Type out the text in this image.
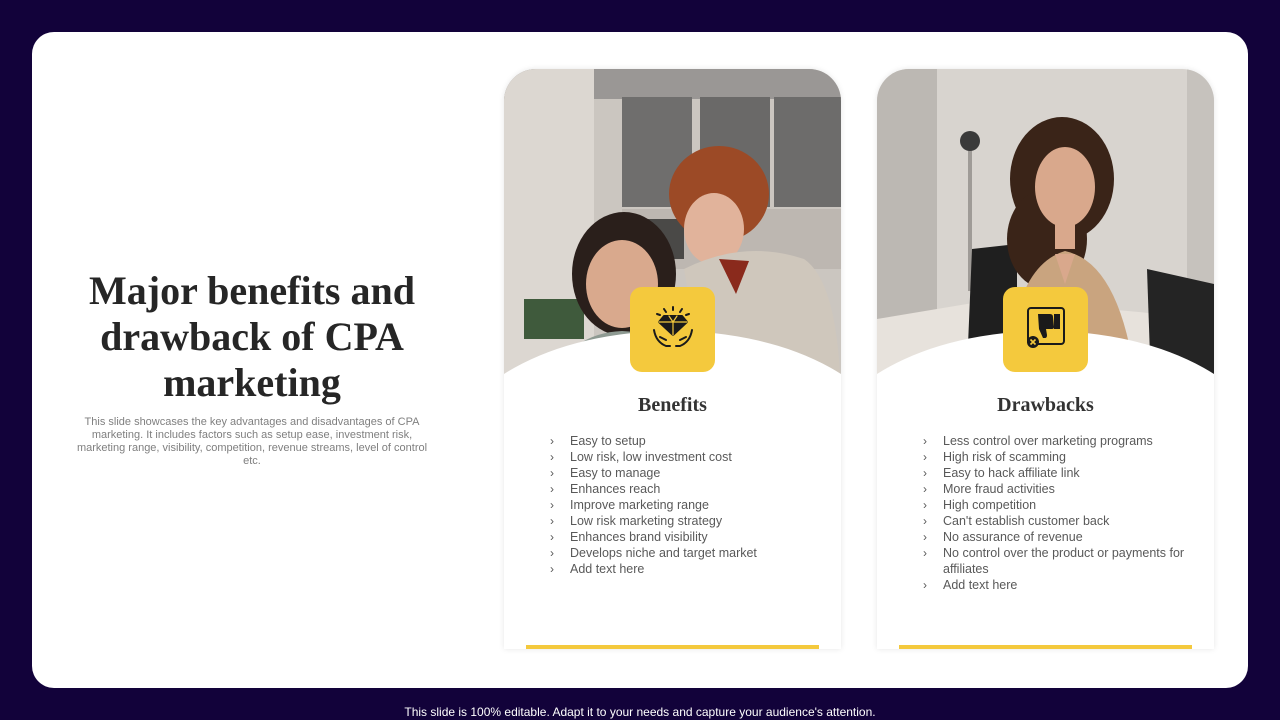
Major benefits and drawback of CPA marketing

This slide showcases the key advantages and disadvantages of CPA marketing. It includes factors such as setup ease, investment risk, marketing range, visibility, competition, revenue streams, level of control etc.

Benefits
› Easy to setup
› Low risk, low investment cost
› Easy to manage
› Enhances reach
› Improve marketing range
› Low risk marketing strategy
› Enhances brand visibility
› Develops niche and target market
› Add text here
Drawbacks
› Less control over marketing programs
› High risk of scamming
› Easy to hack affiliate link
› More fraud activities
› High competition
› Can't establish customer back
› No assurance of revenue
› No control over the product or payments for affiliates
› Add text here
This slide is 100% editable. Adapt it to your needs and capture your audience's attention.
